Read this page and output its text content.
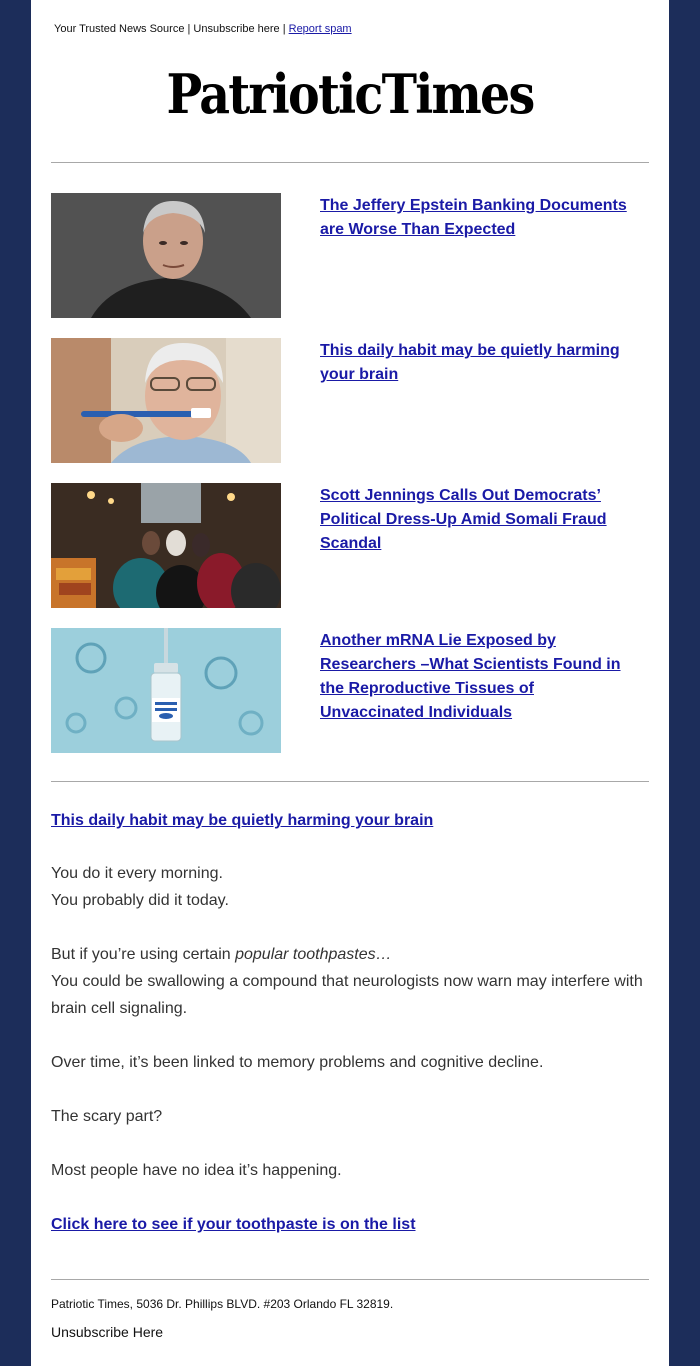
Your Trusted News Source | Unsubscribe here | Report spam
PatrioticTimes
The Jeffery Epstein Banking Documents are Worse Than Expected
This daily habit may be quietly harming your brain
Scott Jennings Calls Out Democrats’ Political Dress-Up Amid Somali Fraud Scandal
Another mRNA Lie Exposed by Researchers –What Scientists Found in the Reproductive Tissues of Unvaccinated Individuals
This daily habit may be quietly harming your brain
You do it every morning.
You probably did it today.
But if you’re using certain popular toothpastes…
You could be swallowing a compound that neurologists now warn may interfere with brain cell signaling.
Over time, it’s been linked to memory problems and cognitive decline.
The scary part?
Most people have no idea it’s happening.
Click here to see if your toothpaste is on the list
Patriotic Times, 5036 Dr. Phillips BLVD. #203 Orlando FL 32819.
Unsubscribe Here
